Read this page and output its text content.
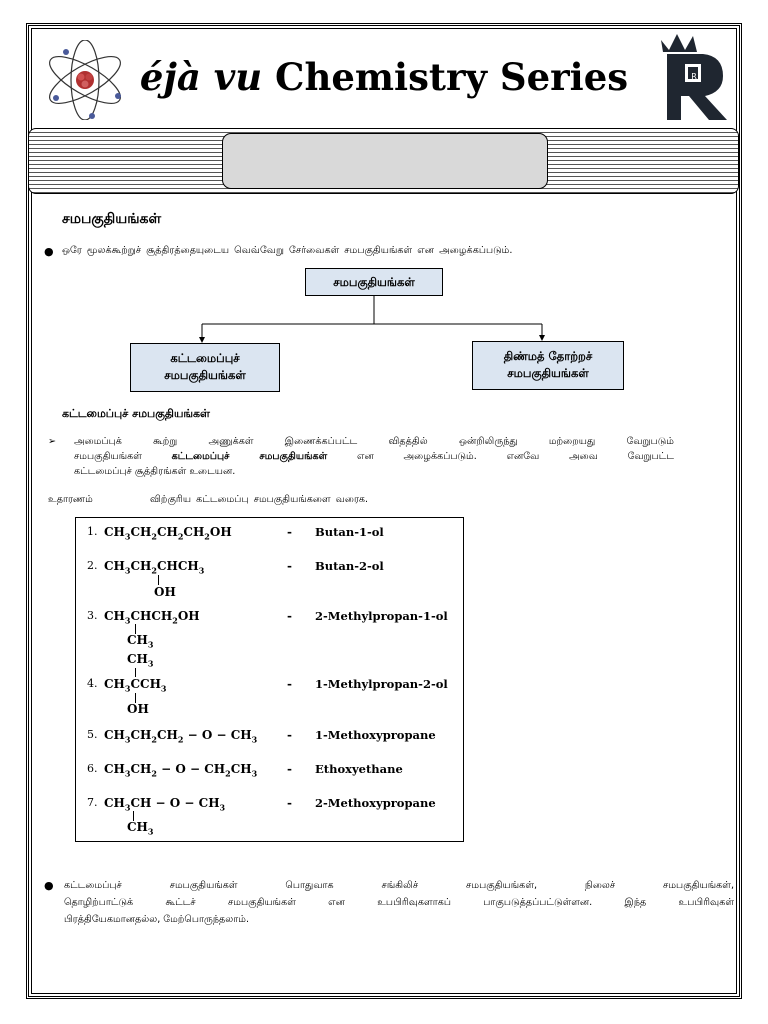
éjà vu Chemistry Series	R
சமபகுதியங்கள்
● ஒரே மூலக்கூற்றுச் சூத்திரத்தையுடைய வெவ்வேறு சேர்வைகள் சமபகுதியங்கள் என அழைக்கப்படும்.
சமபகுதியங்கள்
கட்டமைப்புச்
சமபகுதியங்கள்
திண்மத் தோற்றச்
சமபகுதியங்கள்
கட்டமைப்புச் சமபகுதியங்கள்
➢ அமைப்புக் கூற்று அணுக்கள் இணைக்கப்பட்ட விதத்தில் ஒன்றிலிருந்து மற்றையது வேறுபடும்
சமபகுதியங்கள்	கட்டமைப்புச் சமபகுதியங்கள்	என அழைக்கப்படும். எனவே அவை வேறுபட்ட
கட்டமைப்புச் சூத்திரங்கள் உடையன.
உதாரணம்	விற்குரிய கட்டமைப்பு சமபகுதியங்களை வரைக.
1. $CH_3CH_2CH_2CH_2OH$	- Butan-1-ol
2. $CH_3CH_2CHCH_3$	- Butan-2-ol
OH
3. $CH_3CHCH_2OH$	- 2-Methylpropan-1-ol
$CH_3$
$CH_3$
4. $CH_3CCH_3$	- 1-Methylpropan-2-ol
OH
5. $CH_3CH_2CH_2 - O - CH_3$ - 1-Methoxypropane
6. $CH_3CH_2 - O - CH_2CH_3$ - Ethoxyethane
7. $CH_3CH - O - CH_3$	- 2-Methoxypropane
$CH_3$
● கட்டமைப்புச் சமபகுதியங்கள் பொதுவாக சங்கிலிச் சமபகுதியங்கள், நிலைச் சமபகுதியங்கள்,
தொழிற்பாட்டுக் கூட்டச் சமபகுதியங்கள் என உபபிரிவுகளாகப் பாகுபடுத்தப்பட்டுள்ளன. இந்த உபபிரிவுகள்
பிரத்தியேகமானதல்ல, மேற்பொருந்தலாம்.
